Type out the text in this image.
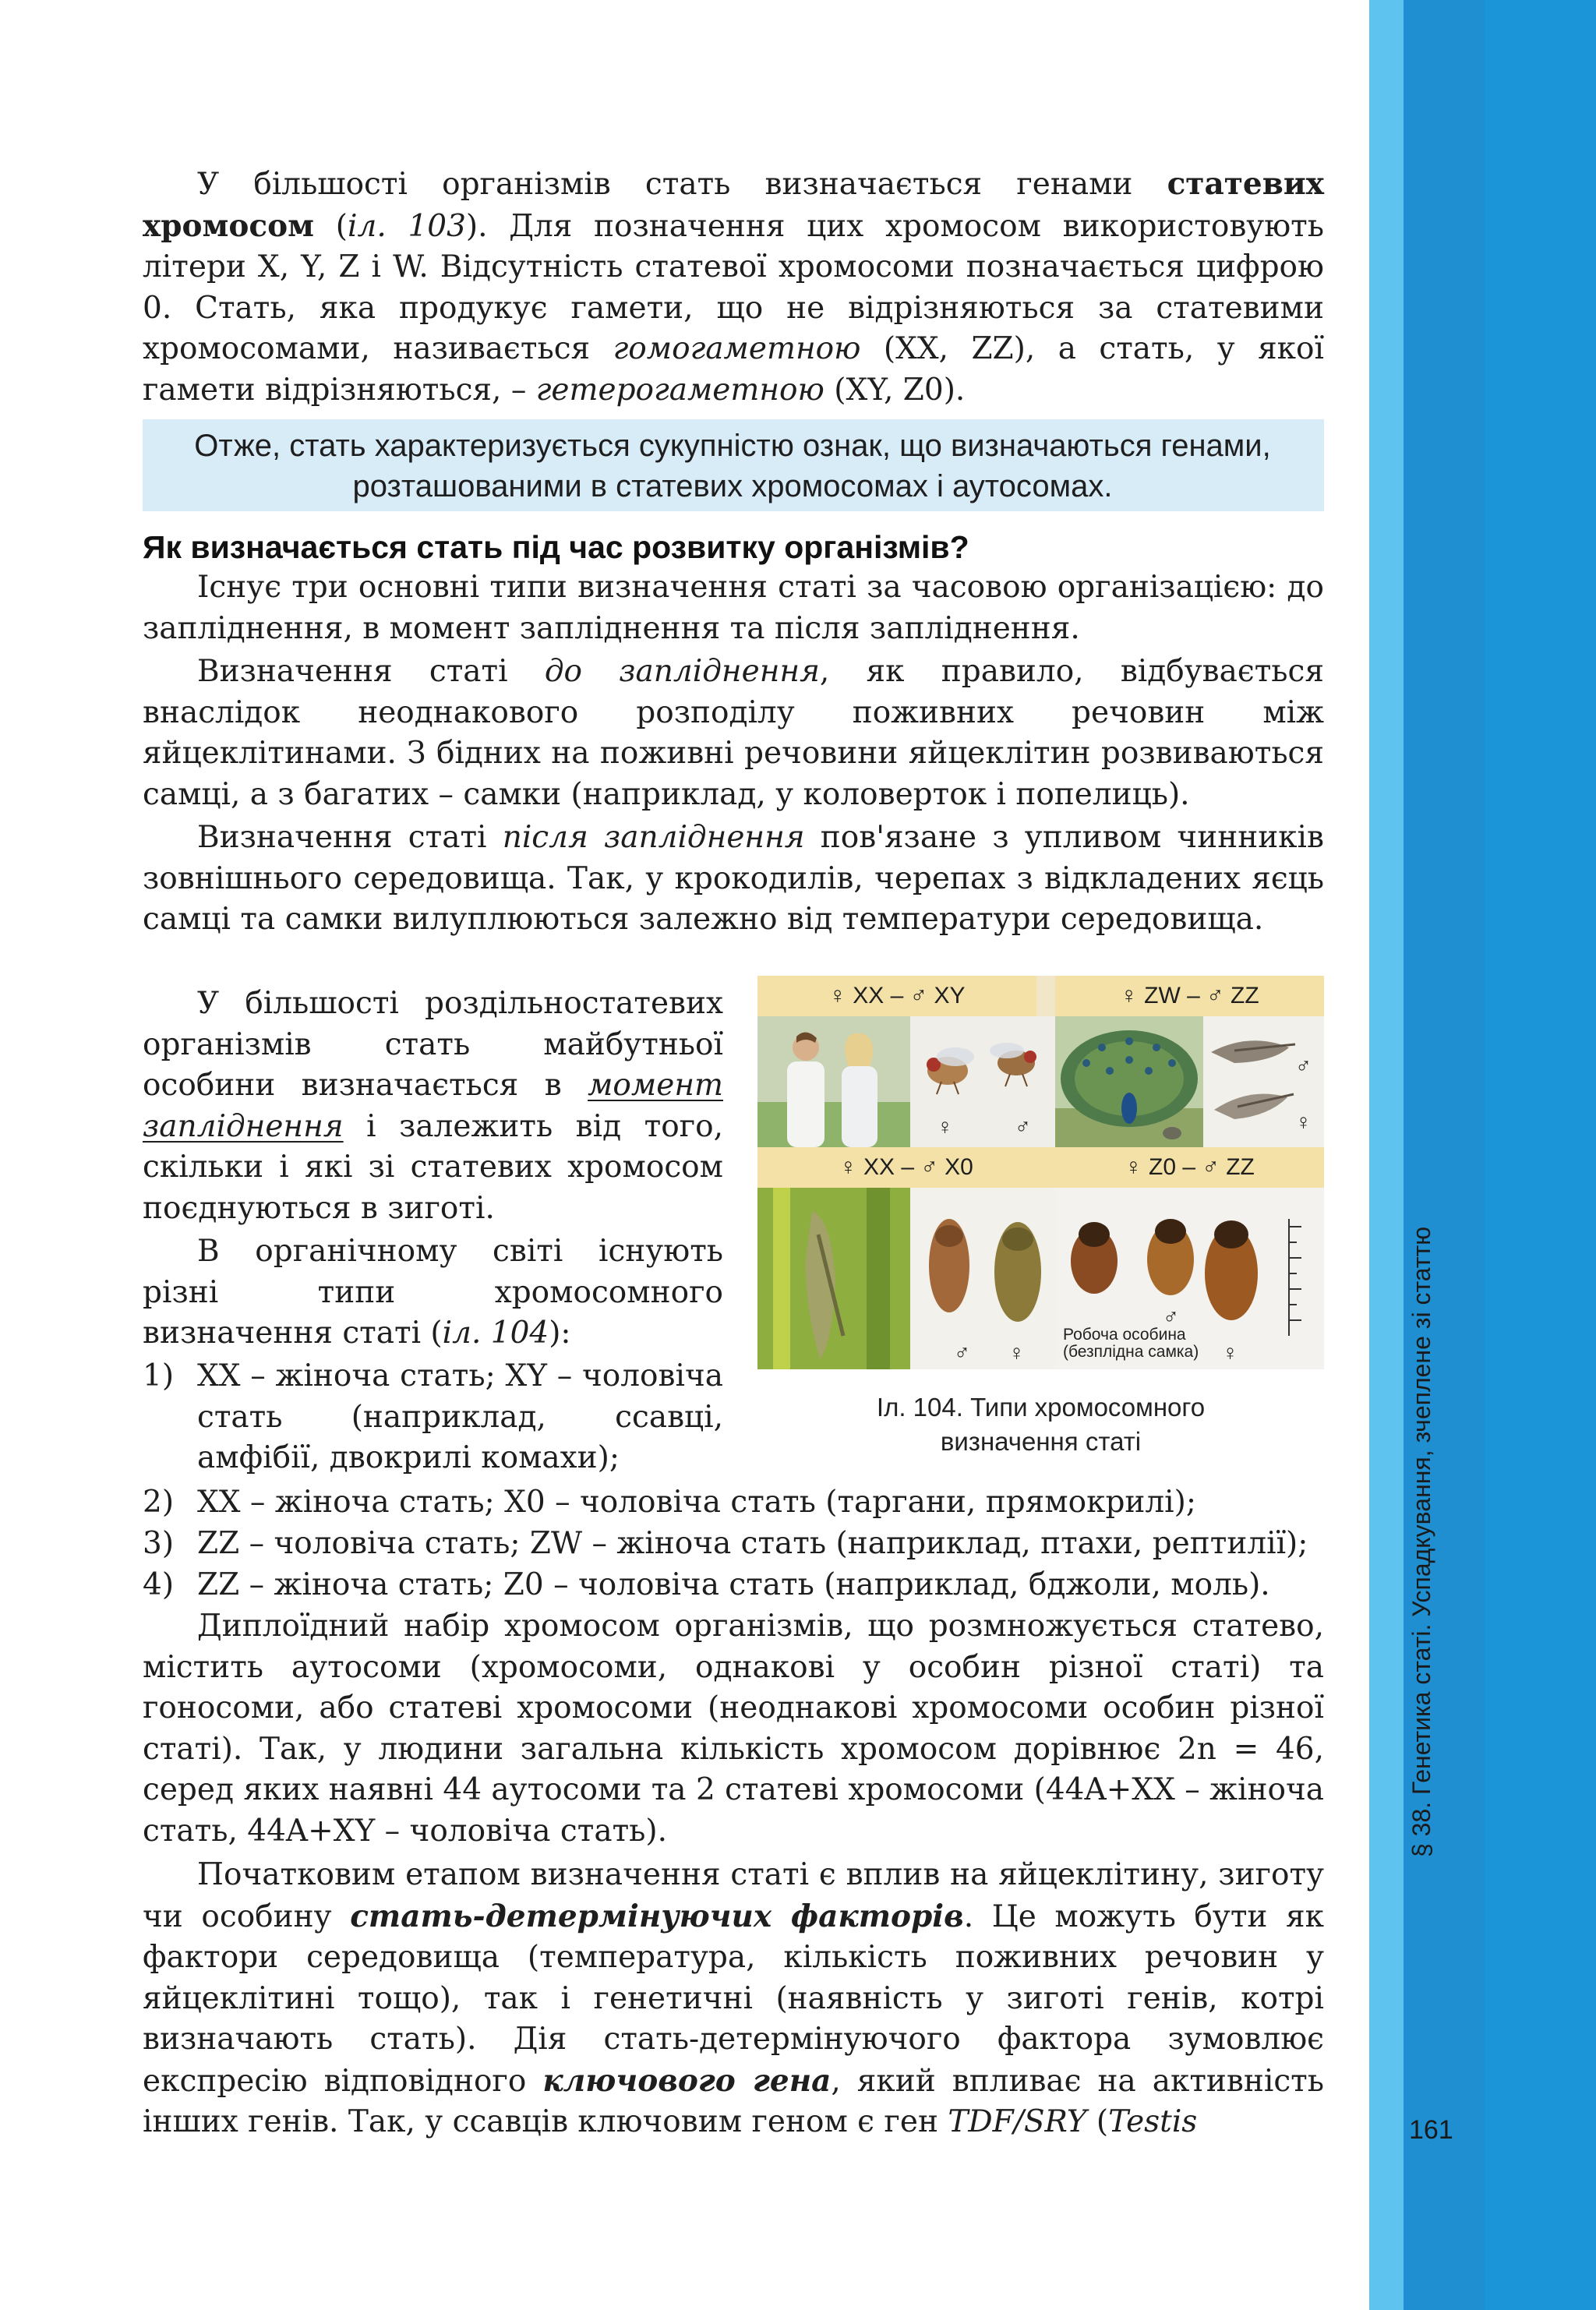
§ 38. Генетика статі. Успадкування, зчеплене зі статтю
161

У більшості організмів стать визначається генами статевих хромосом (іл. 103). Для позначення цих хромосом використовують літери X, Y, Z і W. Відсутність статевої хромосоми позначається цифрою 0. Стать, яка продукує гамети, що не відрізняються за статевими хромосомами, називається гомогаметною (XX, ZZ), а стать, у якої гамети відрізняються, – гетерогаметною (XY, Z0).

Отже, стать характеризується сукупністю ознак, що визначаються генами, розташованими в статевих хромосомах і аутосомах.
Як визначається стать під час розвитку організмів?

Існує три основні типи визначення статі за часовою організацією: до запліднення, в момент запліднення та після запліднення.

Визначення статі до запліднення, як правило, відбувається внаслідок неоднакового розподілу поживних речовин між яйцеклітинами. З бідних на поживні речовини яйцеклітин розвиваються самці, а з багатих – самки (наприклад, у коловерток і попелиць).

Визначення статі після запліднення пов'язане з упливом чинників зовнішнього середовища. Так, у крокодилів, черепах з відкладених яєць самці та самки вилуплюються залежно від температури середовища.

У більшості роздільностатевих організмів стать майбутньої особини визначається в момент запліднення і залежить від того, скільки і які зі статевих хромосом поєднуються в зиготі.

В органічному світі існують різні типи хромосомного визначення статі (іл. 104):

1) XX – жіноча стать; XY – чоловіча стать (наприклад, ссавці, амфібії, двокрилі комахи);
2) XX – жіноча стать; X0 – чоловіча стать (таргани, прямокрилі);
3) ZZ – чоловіча стать; ZW – жіноча стать (наприклад, птахи, рептилії);
4) ZZ – жіноча стать; Z0 – чоловіча стать (наприклад, бджоли, моль).

Диплоїдний набір хромосом організмів, що розмножується статево, містить аутосоми (хромосоми, однакові у особин різної статі) та гоносоми, або статеві хромосоми (неоднакові хромосоми особин різної статі). Так, у людини загальна кількість хромосом дорівнює 2n = 46, серед яких наявні 44 аутосоми та 2 статеві хромосоми (44A+XX – жіноча стать, 44A+XY – чоловіча стать).

Початковим етапом визначення статі є вплив на яйцеклітину, зиготу чи особину стать-детермінуючих факторів. Це можуть бути як фактори середовища (температура, кількість поживних речовин у яйцеклітині тощо), так і генетичні (наявність у зиготі генів, котрі визначають стать). Дія стать-детермінуючого фактора зумовлює експресію відповідного ключового гена, який впливає на активність інших генів. Так, у ссавців ключовим геном є ген TDF/SRY (Testis

♀ XX – ♂ XY	♀ ZW – ♂ ZZ
♀ XX – ♂ X0	♀ Z0 – ♂ ZZ
♀	♂
♂
♀
♂ ♀
♂
Робоча особина
(безплідна самка) ♀
Іл. 104. Типи хромосомного
визначення статі
